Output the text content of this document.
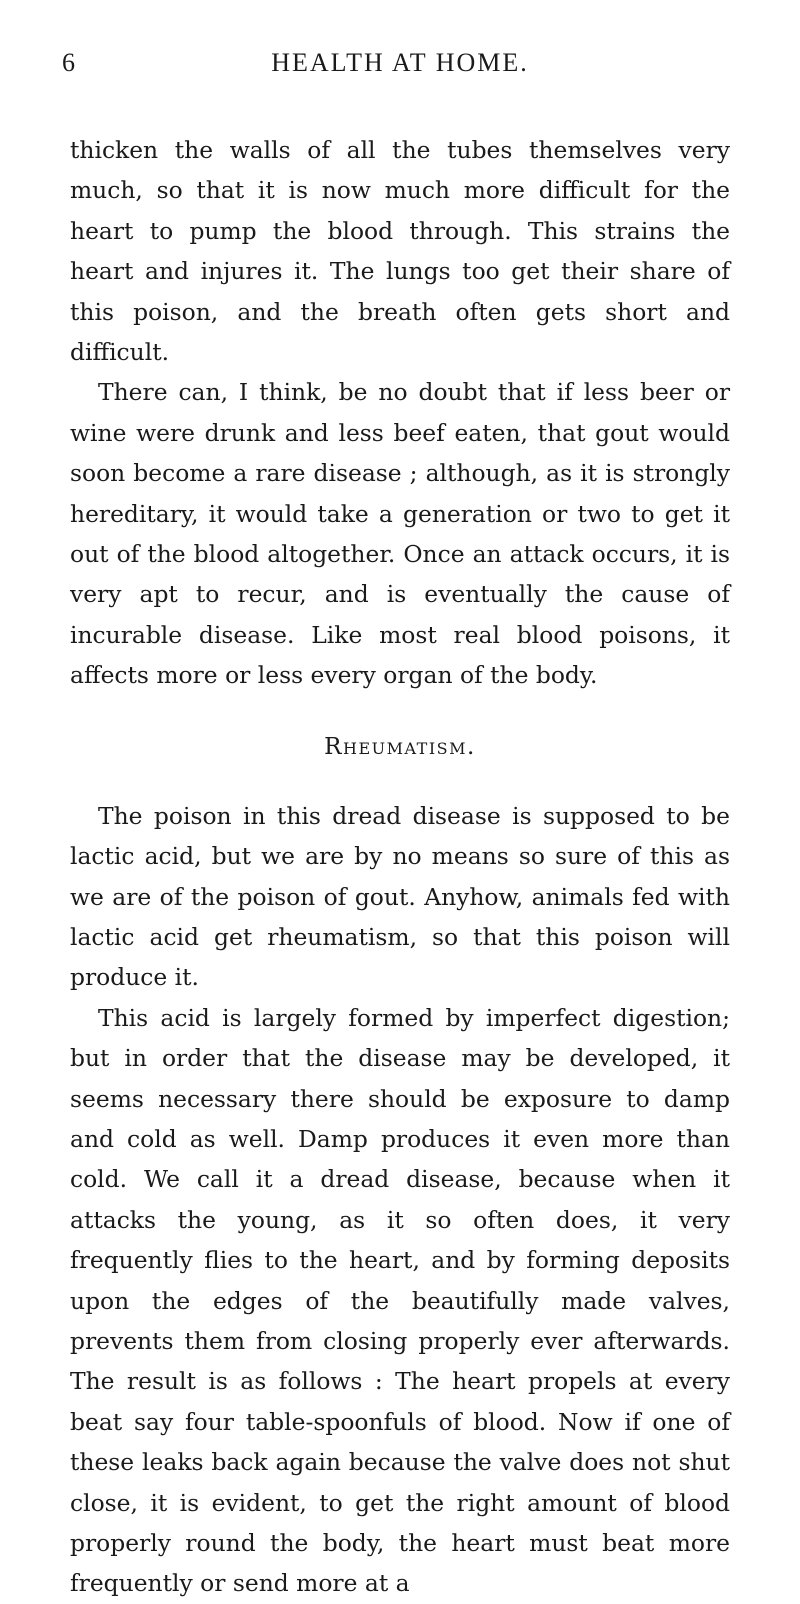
6	HEALTH AT HOME.

thicken the walls of all the tubes themselves very much, so that it is now much more difficult for the heart to pump the blood through. This strains the heart and injures it. The lungs too get their share of this poison, and the breath often gets short and difficult.

There can, I think, be no doubt that if less beer or wine were drunk and less beef eaten, that gout would soon become a rare disease ; although, as it is strongly hereditary, it would take a generation or two to get it out of the blood altogether. Once an attack occurs, it is very apt to recur, and is eventually the cause of incurable disease. Like most real blood poisons, it affects more or less every organ of the body.

Rheumatism.

The poison in this dread disease is supposed to be lactic acid, but we are by no means so sure of this as we are of the poison of gout. Anyhow, animals fed with lactic acid get rheumatism, so that this poison will produce it.

This acid is largely formed by imperfect digestion; but in order that the disease may be developed, it seems necessary there should be exposure to damp and cold as well. Damp produces it even more than cold. We call it a dread disease, because when it attacks the young, as it so often does, it very frequently flies to the heart, and by forming deposits upon the edges of the beautifully made valves, prevents them from closing properly ever afterwards. The result is as follows : The heart propels at every beat say four table-spoonfuls of blood. Now if one of these leaks back again because the valve does not shut close, it is evident, to get the right amount of blood properly round the body, the heart must beat more frequently or send more at a
